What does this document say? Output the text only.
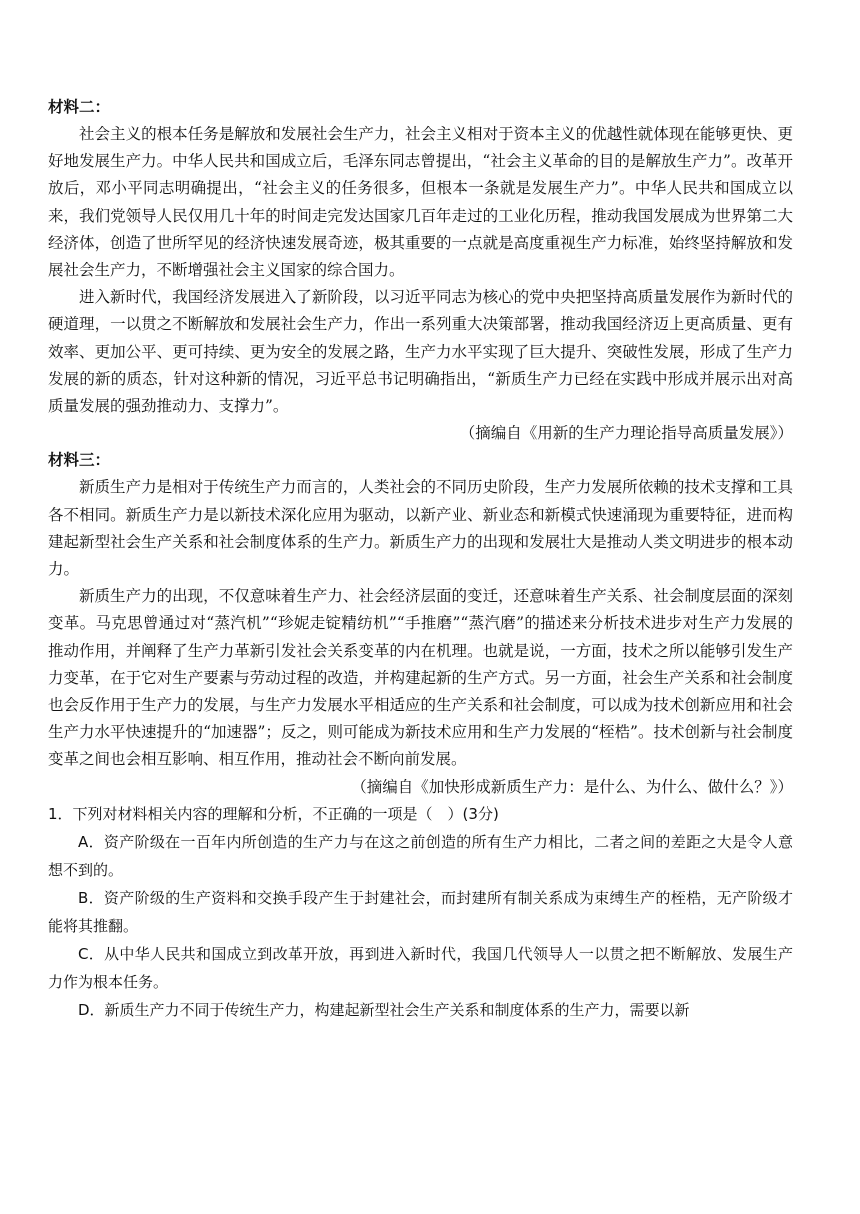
材料二：

社会主义的根本任务是解放和发展社会生产力，社会主义相对于资本主义的优越性就体现在能够更快、更好地发展生产力。中华人民共和国成立后，毛泽东同志曾提出，“社会主义革命的目的是解放生产力”。改革开放后，邓小平同志明确提出，“社会主义的任务很多，但根本一条就是发展生产力”。中华人民共和国成立以来，我们党领导人民仅用几十年的时间走完发达国家几百年走过的工业化历程，推动我国发展成为世界第二大经济体，创造了世所罕见的经济快速发展奇迹，极其重要的一点就是高度重视生产力标准，始终坚持解放和发展社会生产力，不断增强社会主义国家的综合国力。

进入新时代，我国经济发展进入了新阶段，以习近平同志为核心的党中央把坚持高质量发展作为新时代的硬道理，一以贯之不断解放和发展社会生产力，作出一系列重大决策部署，推动我国经济迈上更高质量、更有效率、更加公平、更可持续、更为安全的发展之路，生产力水平实现了巨大提升、突破性发展，形成了生产力发展的新的质态，针对这种新的情况，习近平总书记明确指出，“新质生产力已经在实践中形成并展示出对高质量发展的强劲推动力、支撑力”。

（摘编自《用新的生产力理论指导高质量发展》）

材料三：

新质生产力是相对于传统生产力而言的，人类社会的不同历史阶段，生产力发展所依赖的技术支撑和工具各不相同。新质生产力是以新技术深化应用为驱动，以新产业、新业态和新模式快速涌现为重要特征，进而构建起新型社会生产关系和社会制度体系的生产力。新质生产力的出现和发展壮大是推动人类文明进步的根本动力。

新质生产力的出现，不仅意味着生产力、社会经济层面的变迁，还意味着生产关系、社会制度层面的深刻变革。马克思曾通过对“蒸汽机”“珍妮走锭精纺机”“手推磨”“蒸汽磨”的描述来分析技术进步对生产力发展的推动作用，并阐释了生产力革新引发社会关系变革的内在机理。也就是说，一方面，技术之所以能够引发生产力变革，在于它对生产要素与劳动过程的改造，并构建起新的生产方式。另一方面，社会生产关系和社会制度也会反作用于生产力的发展，与生产力发展水平相适应的生产关系和社会制度，可以成为技术创新应用和社会生产力水平快速提升的“加速器”；反之，则可能成为新技术应用和生产力发展的“桎梏”。技术创新与社会制度变革之间也会相互影响、相互作用，推动社会不断向前发展。

（摘编自《加快形成新质生产力：是什么、为什么、做什么？》）

1．下列对材料相关内容的理解和分析，不正确的一项是（　）(3分)

A．资产阶级在一百年内所创造的生产力与在这之前创造的所有生产力相比，二者之间的差距之大是令人意想不到的。

B．资产阶级的生产资料和交换手段产生于封建社会，而封建所有制关系成为束缚生产的桎梏，无产阶级才能将其推翻。

C．从中华人民共和国成立到改革开放，再到进入新时代，我国几代领导人一以贯之把不断解放、发展生产力作为根本任务。

D．新质生产力不同于传统生产力，构建起新型社会生产关系和制度体系的生产力，需要以新
